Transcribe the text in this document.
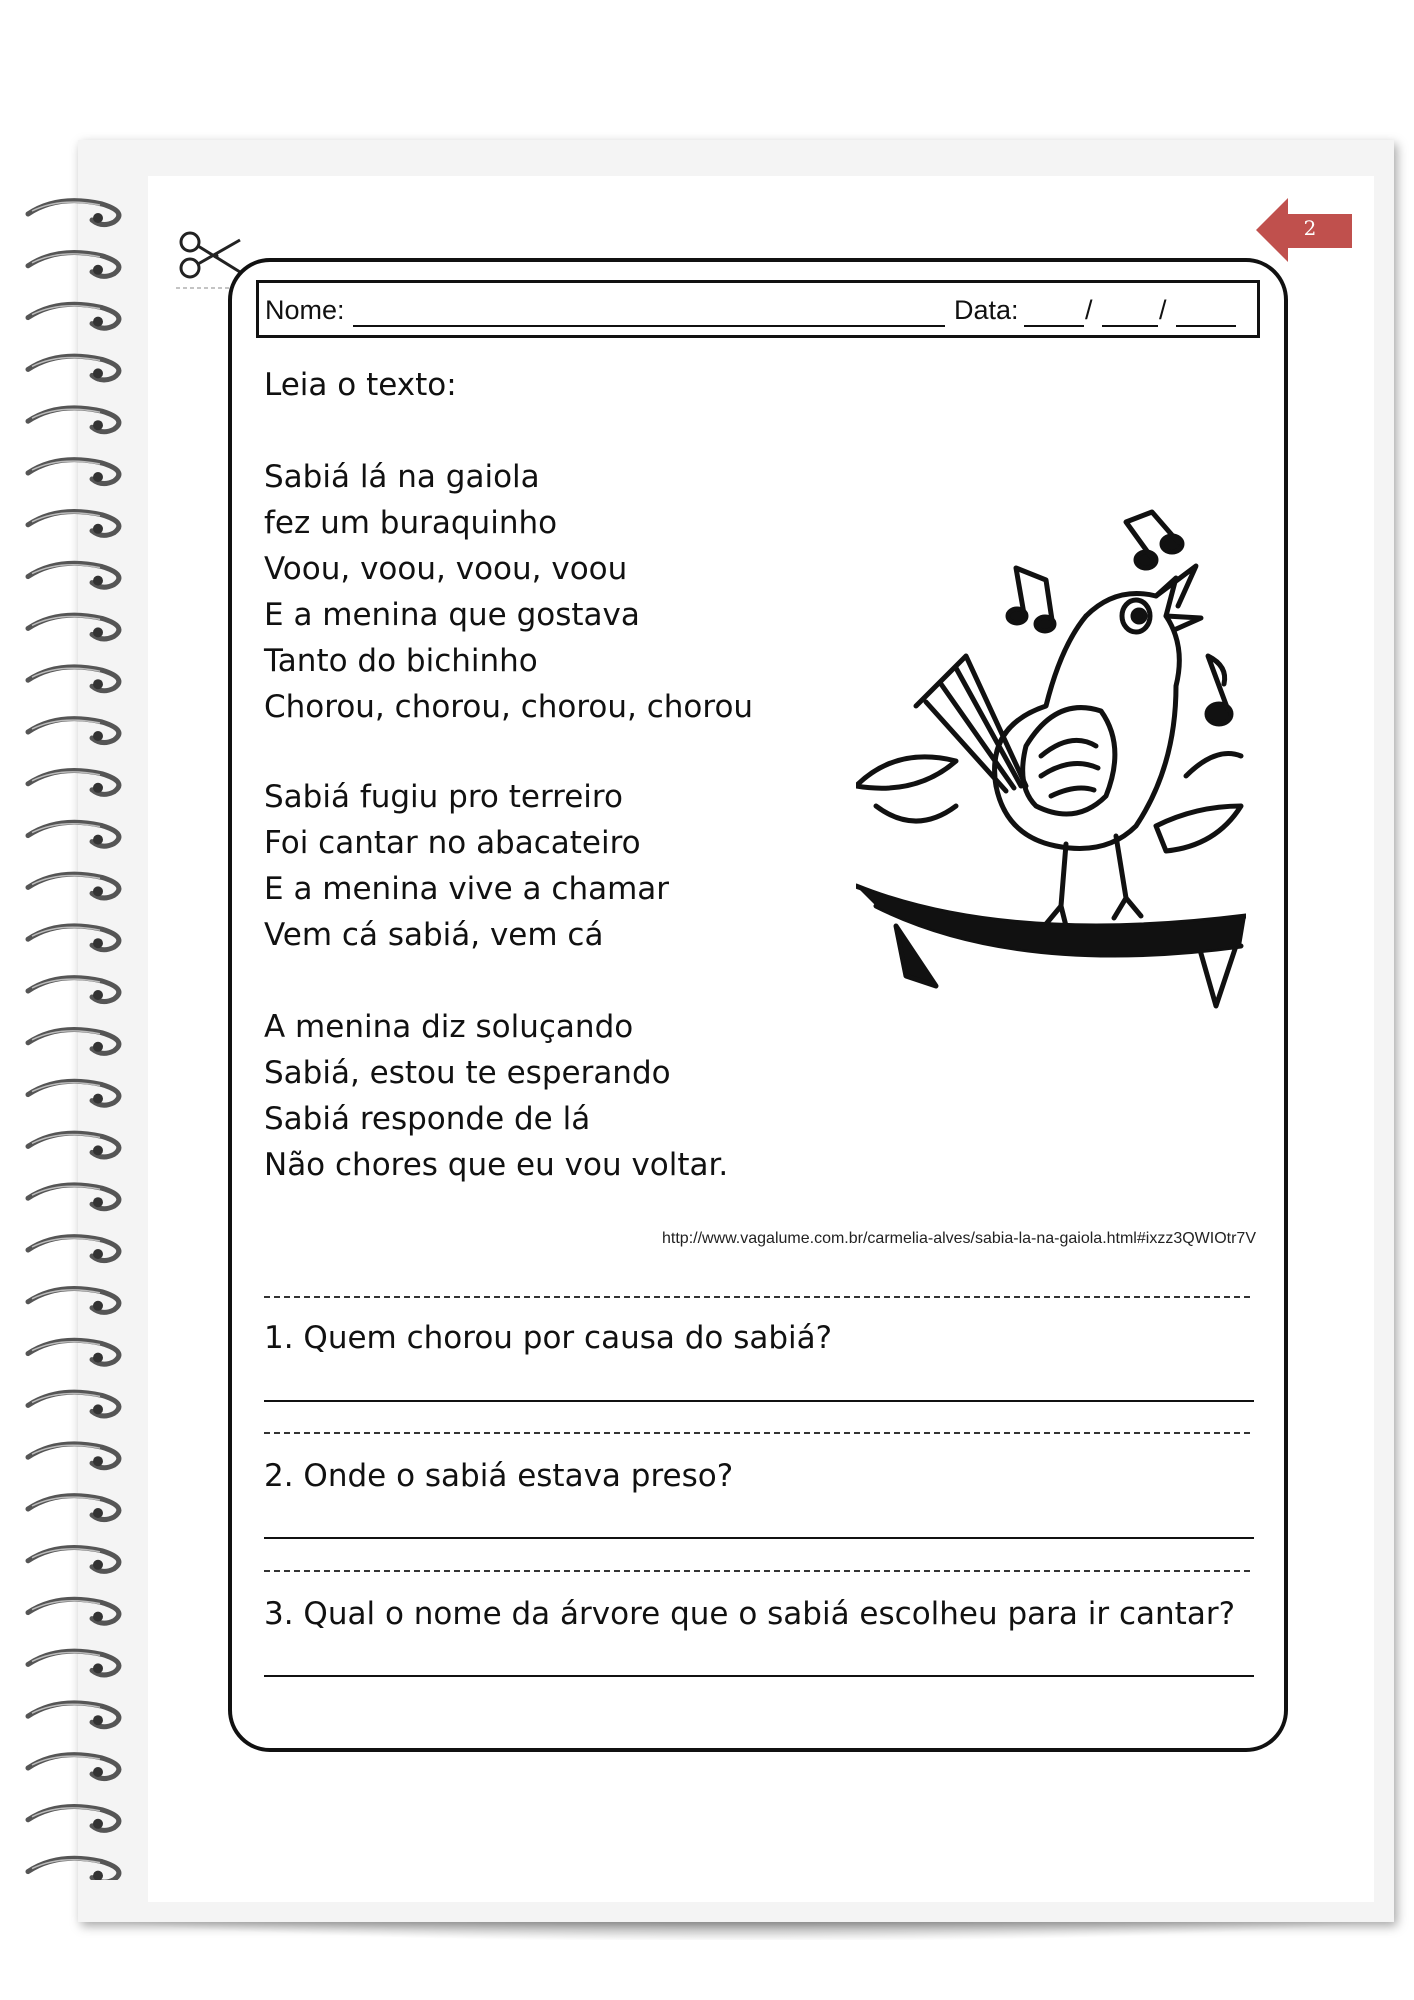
2
Nome:	Data: / /
Leia o texto:
Sabiá lá na gaiola
fez um buraquinho
Voou, voou, voou, voou
E a menina que gostava
Tanto do bichinho
Chorou, chorou, chorou, chorou
Sabiá fugiu pro terreiro
Foi cantar no abacateiro
E a menina vive a chamar
Vem cá sabiá, vem cá
A menina diz soluçando
Sabiá, estou te esperando
Sabiá responde de lá
Não chores que eu vou voltar.
http://www.vagalume.com.br/carmelia-alves/sabia-la-na-gaiola.html#ixzz3QWIOtr7V
1. Quem chorou por causa do sabiá?
2. Onde o sabiá estava preso?
3. Qual o nome da árvore que o sabiá escolheu para ir cantar?
